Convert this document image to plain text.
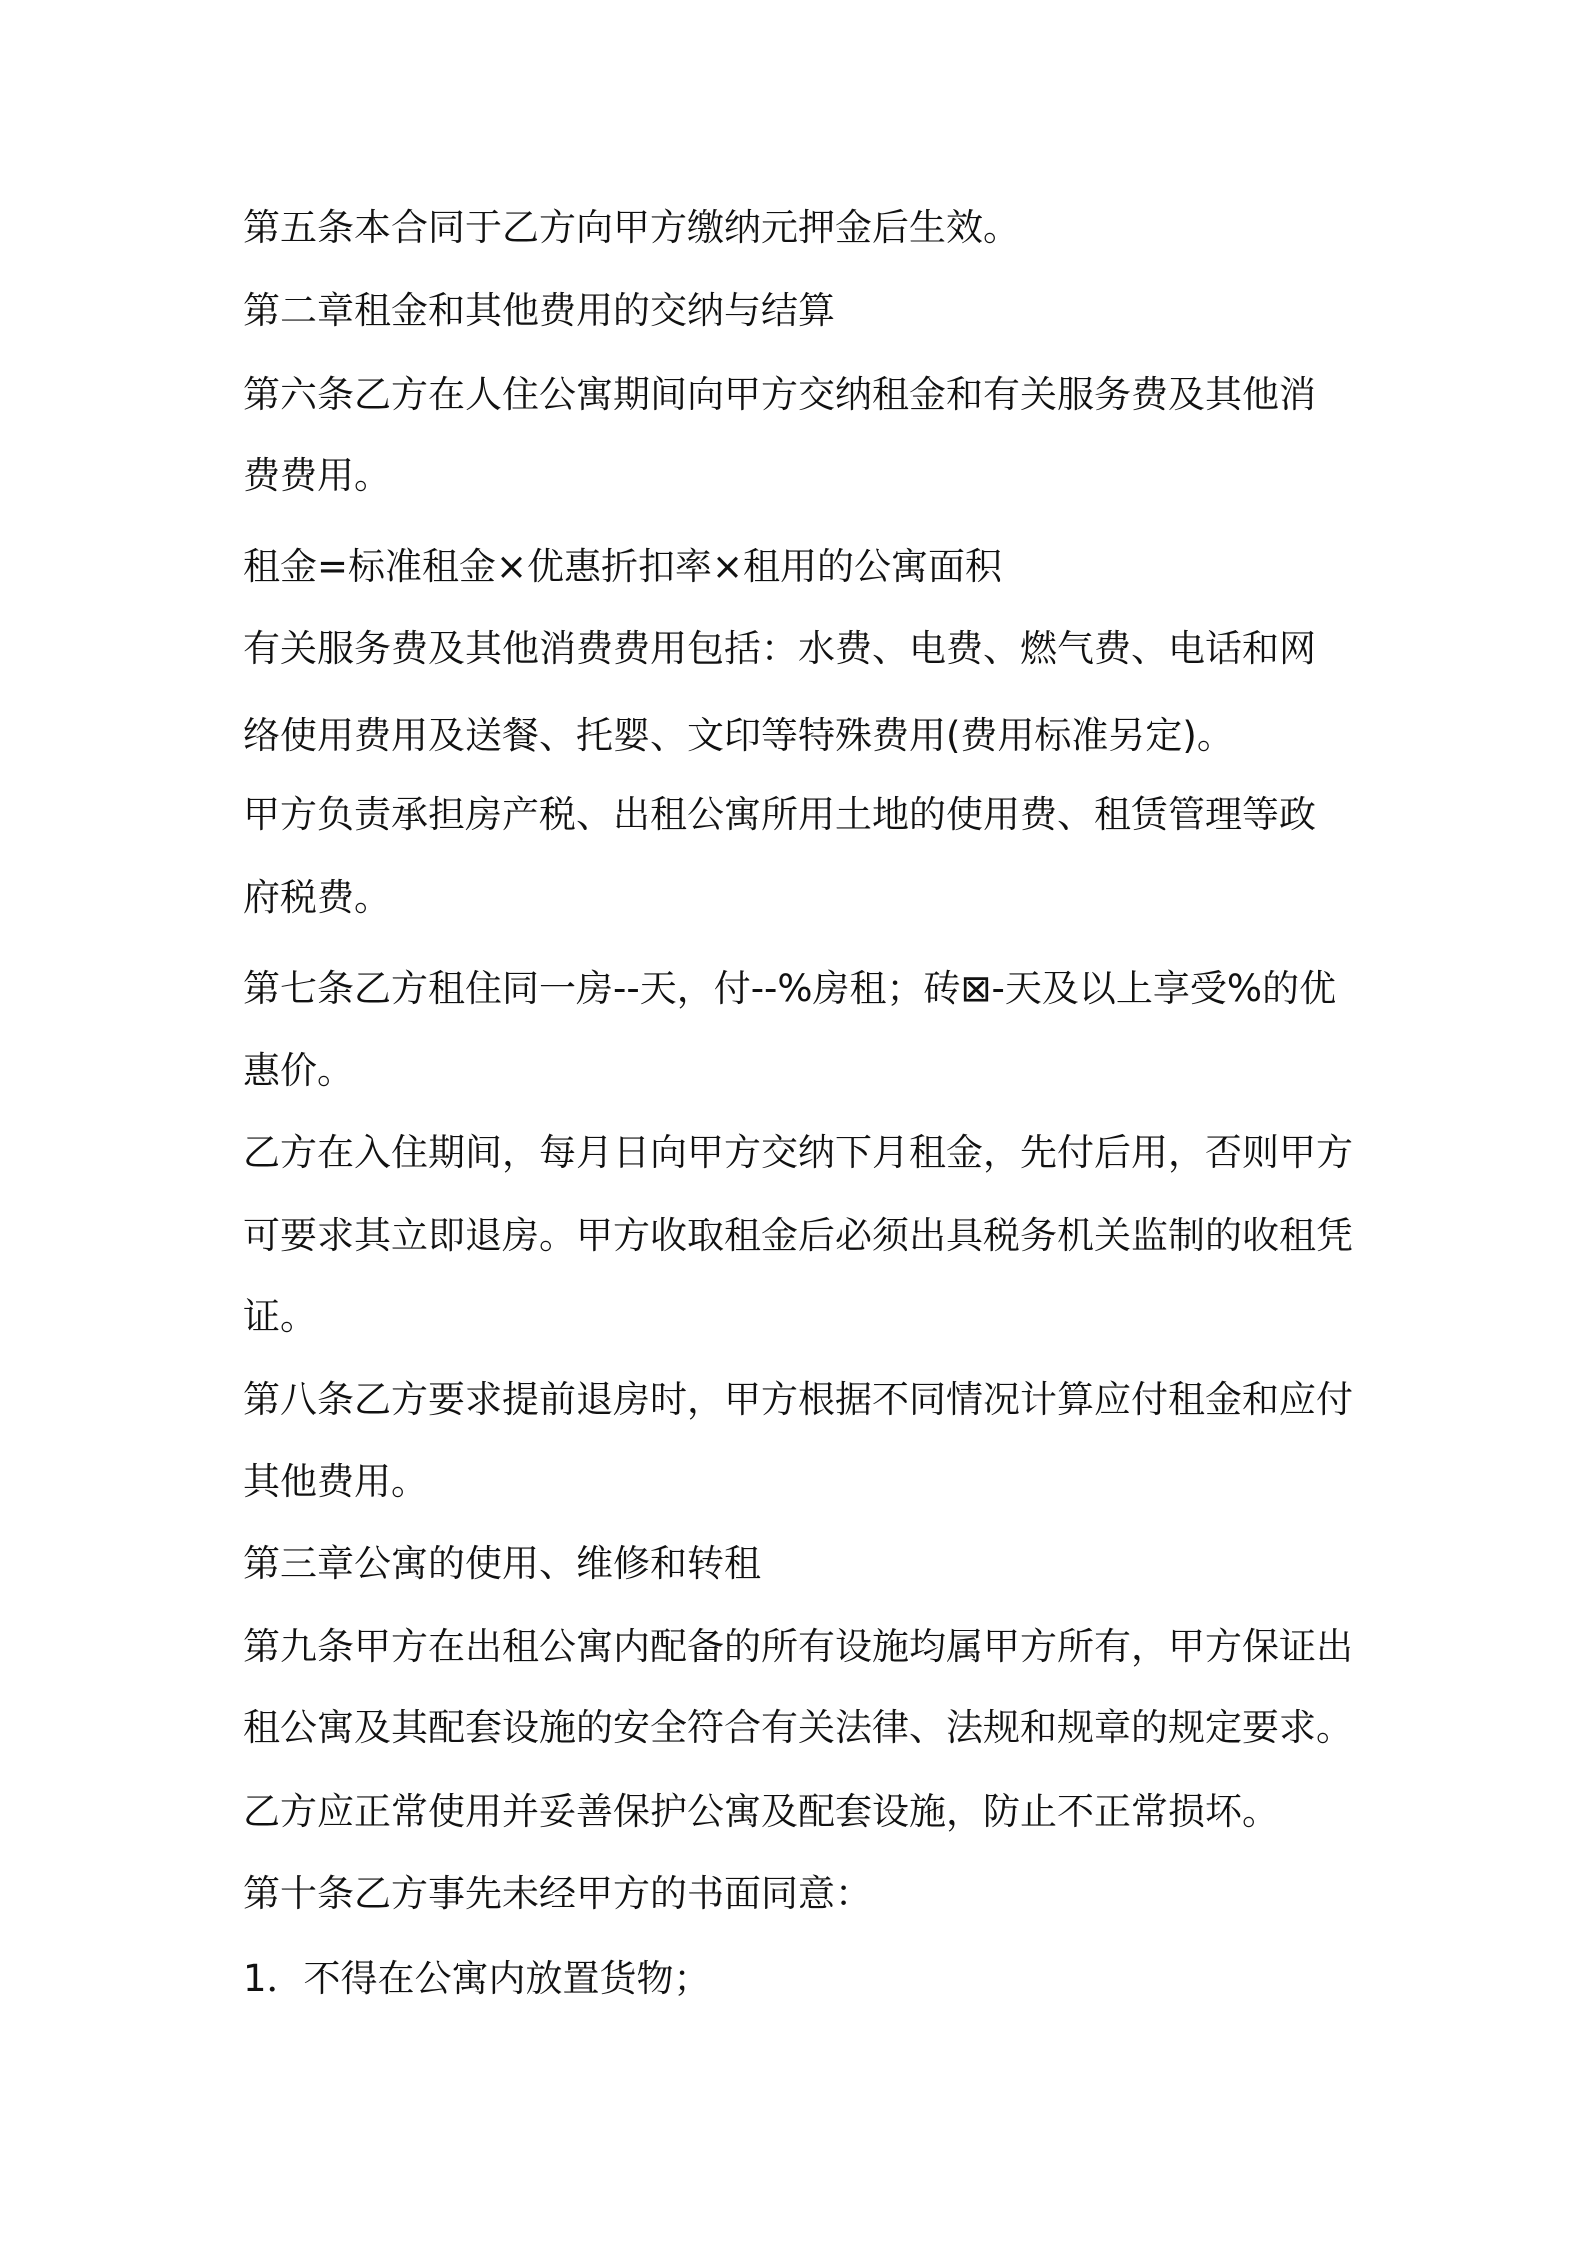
第五条本合同于乙方向甲方缴纳元押金后生效。

第二章租金和其他费用的交纳与结算

第六条乙方在人住公寓期间向甲方交纳租金和有关服务费及其他消

费费用。

租金=标准租金×优惠折扣率×租用的公寓面积

有关服务费及其他消费费用包括：水费、电费、燃气费、电话和网

络使用费用及送餐、托婴、文印等特殊费用(费用标准另定)。

甲方负责承担房产税、出租公寓所用土地的使用费、租赁管理等政

府税费。

第七条乙方租住同一房--天，付--%房租；砖⊠-天及以上享受%的优

惠价。

乙方在入住期间，每月日向甲方交纳下月租金，先付后用，否则甲方

可要求其立即退房。甲方收取租金后必须出具税务机关监制的收租凭

证。

第八条乙方要求提前退房时，甲方根据不同情况计算应付租金和应付

其他费用。

第三章公寓的使用、维修和转租

第九条甲方在出租公寓内配备的所有设施均属甲方所有，甲方保证出

租公寓及其配套设施的安全符合有关法律、法规和规章的规定要求。

乙方应正常使用并妥善保护公寓及配套设施，防止不正常损坏。

第十条乙方事先未经甲方的书面同意：

1．不得在公寓内放置货物；
